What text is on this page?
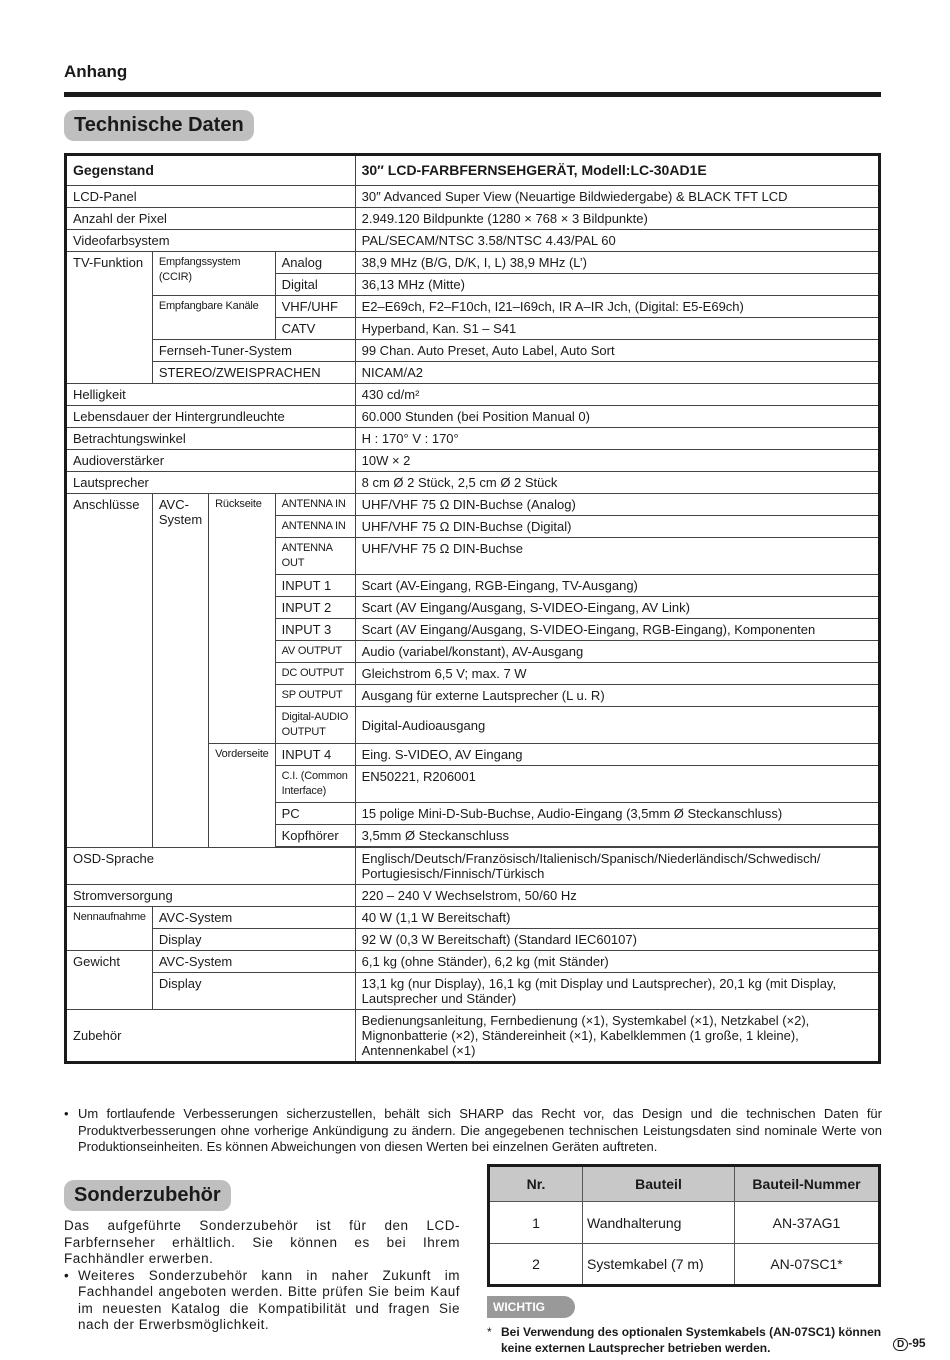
Anhang
Technische Daten
Gegenstand				30″ LCD-FARBFERNSEHGERÄT, Modell:LC-30AD1E
LCD-Panel				30″ Advanced Super View (Neuartige Bildwiedergabe) & BLACK TFT LCD
Anzahl der Pixel				2.949.120 Bildpunkte (1280 × 768 × 3 Bildpunkte)
Videofarbsystem				PAL/SECAM/NTSC 3.58/NTSC 4.43/PAL 60
TV-Funktion	Empfangssystem (CCIR)		Analog	38,9 MHz (B/G, D/K, I, L) 38,9 MHz (L’)
			Digital	36,13 MHz (Mitte)
	Empfangbare Kanäle		VHF/UHF	E2–E69ch, F2–F10ch, I21–I69ch, IR A–IR Jch, (Digital: E5-E69ch)
			CATV	Hyperband, Kan. S1 – S41
	Fernseh-Tuner-System			99 Chan. Auto Preset, Auto Label, Auto Sort
	STEREO/ZWEISPRACHEN			NICAM/A2
Helligkeit				430 cd/m²
Lebensdauer der Hintergrundleuchte				60.000 Stunden (bei Position Manual 0)
Betrachtungswinkel				H : 170° V : 170°
Audioverstärker				10W × 2
Lautsprecher				8 cm Ø 2 Stück, 2,5 cm Ø 2 Stück
Anschlüsse	AVC-System	Rückseite	ANTENNA IN	UHF/VHF 75 Ω DIN-Buchse (Analog)
			ANTENNA IN	UHF/VHF 75 Ω DIN-Buchse (Digital)
			ANTENNA OUT	UHF/VHF 75 Ω DIN-Buchse
			INPUT 1	Scart (AV-Eingang, RGB-Eingang, TV-Ausgang)
			INPUT 2	Scart (AV Eingang/Ausgang, S-VIDEO-Eingang, AV Link)
			INPUT 3	Scart (AV Eingang/Ausgang, S-VIDEO-Eingang, RGB-Eingang), Komponenten
			AV OUTPUT	Audio (variabel/konstant), AV-Ausgang
			DC OUTPUT	Gleichstrom 6,5 V; max. 7 W
			SP OUTPUT	Ausgang für externe Lautsprecher (L u. R)
			Digital-AUDIO OUTPUT	Digital-Audioausgang
		Vorderseite	INPUT 4	Eing. S-VIDEO, AV Eingang
			C.I. (Common Interface)	EN50221, R206001
			PC	15 polige Mini-D-Sub-Buchse, Audio-Eingang (3,5mm Ø Steckanschluss)
			Kopfhörer	3,5mm Ø Steckanschluss

OSD-Sprache				Englisch/Deutsch/Französisch/Italienisch/Spanisch/Niederländisch/Schwedisch/ Portugiesisch/Finnisch/Türkisch
Stromversorgung				220 – 240 V Wechselstrom, 50/60 Hz
Nennaufnahme	AVC-System			40 W (1,1 W Bereitschaft)
	Display			92 W (0,3 W Bereitschaft) (Standard IEC60107)
Gewicht	AVC-System			6,1 kg (ohne Ständer), 6,2 kg (mit Ständer)
	Display			13,1 kg (nur Display), 16,1 kg (mit Display und Lautsprecher), 20,1 kg (mit Display, Lautsprecher und Ständer)
Zubehör				Bedienungsanleitung, Fernbedienung (×1), Systemkabel (×1), Netzkabel (×2), Mignonbatterie (×2), Ständereinheit (×1), Kabelklemmen (1 große, 1 kleine), Antennenkabel (×1)
• Um fortlaufende Verbesserungen sicherzustellen, behält sich SHARP das Recht vor, das Design und die technischen Daten für Produktverbesserungen ohne vorherige Ankündigung zu ändern. Die angegebenen technischen Leistungsdaten sind nominale Werte von Produktionseinheiten. Es können Abweichungen von diesen Werten bei einzelnen Geräten auftreten.
Sonderzubehör
Das aufgeführte Sonderzubehör ist für den LCD-Farbfernseher erhältlich. Sie können es bei Ihrem Fachhändler erwerben.
• Weiteres Sonderzubehör kann in naher Zukunft im Fachhandel angeboten werden. Bitte prüfen Sie beim Kauf im neuesten Katalog die Kompatibilität und fragen Sie nach der Erwerbsmöglichkeit.
Nr.	Bauteil	Bauteil-Nummer
1	Wandhalterung	AN-37AG1
2	Systemkabel (7 m)	AN-07SC1*
WICHTIG
* Bei Verwendung des optionalen Systemkabels (AN-07SC1) können keine externen Lautsprecher betrieben werden.	D -95
